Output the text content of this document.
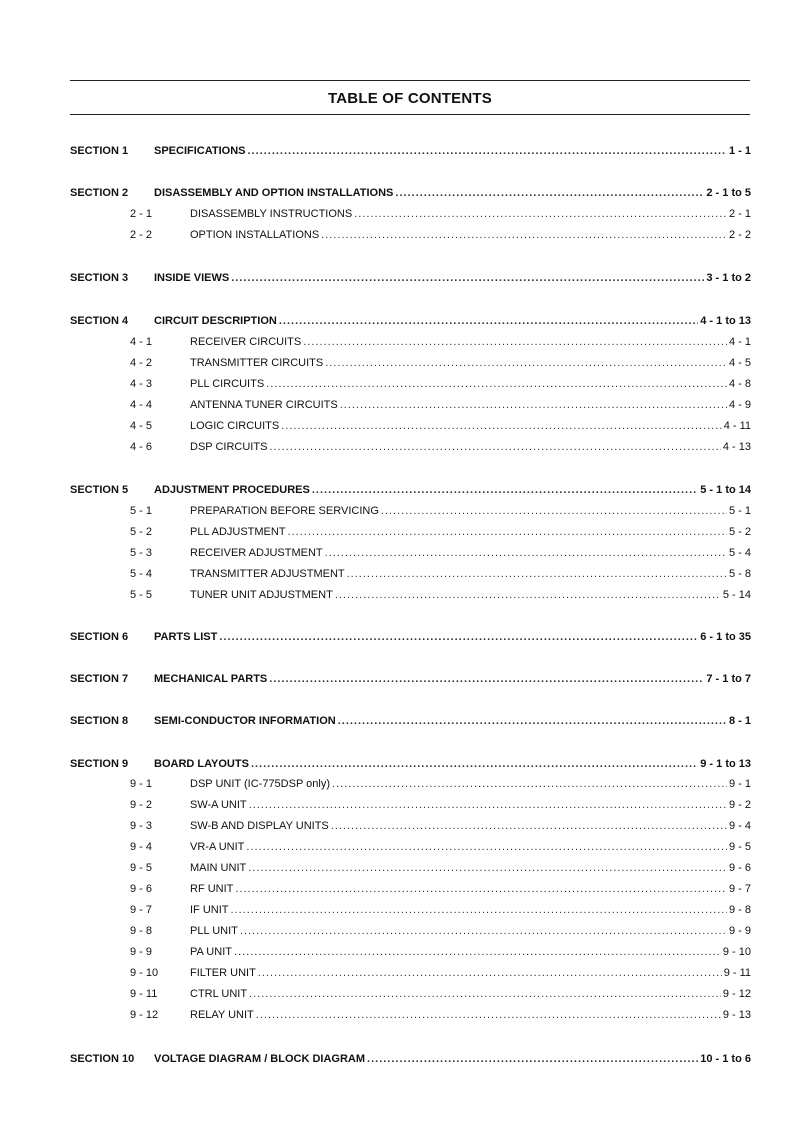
TABLE OF CONTENTS
SECTION 1	SPECIFICATIONS .....	1 - 1
SECTION 2	DISASSEMBLY AND OPTION INSTALLATIONS .....	2 - 1 to 5
2 - 1	DISASSEMBLY INSTRUCTIONS .....	2 - 1
2 - 2	OPTION INSTALLATIONS .....	2 - 2
SECTION 3	INSIDE VIEWS .....	3 - 1 to 2
SECTION 4	CIRCUIT DESCRIPTION .....	4 - 1 to 13
4 - 1	RECEIVER CIRCUITS .....	4 - 1
4 - 2	TRANSMITTER CIRCUITS .....	4 - 5
4 - 3	PLL CIRCUITS .....	4 - 8
4 - 4	ANTENNA TUNER CIRCUITS .....	4 - 9
4 - 5	LOGIC CIRCUITS .....	4 - 11
4 - 6	DSP CIRCUITS .....	4 - 13
SECTION 5	ADJUSTMENT PROCEDURES .....	5 - 1 to 14
5 - 1	PREPARATION BEFORE SERVICING .....	5 - 1
5 - 2	PLL ADJUSTMENT .....	5 - 2
5 - 3	RECEIVER ADJUSTMENT .....	5 - 4
5 - 4	TRANSMITTER ADJUSTMENT .....	5 - 8
5 - 5	TUNER UNIT ADJUSTMENT .....	5 - 14
SECTION 6	PARTS LIST .....	6 - 1 to 35
SECTION 7	MECHANICAL PARTS .....	7 - 1 to 7
SECTION 8	SEMI-CONDUCTOR INFORMATION .....	8 - 1
SECTION 9	BOARD LAYOUTS .....	9 - 1 to 13
9 - 1	DSP UNIT (IC-775DSP only) .....	9 - 1
9 - 2	SW-A UNIT .....	9 - 2
9 - 3	SW-B AND DISPLAY UNITS .....	9 - 4
9 - 4	VR-A UNIT .....	9 - 5
9 - 5	MAIN UNIT .....	9 - 6
9 - 6	RF UNIT .....	9 - 7
9 - 7	IF UNIT .....	9 - 8
9 - 8	PLL UNIT .....	9 - 9
9 - 9	PA UNIT .....	9 - 10
9 - 10	FILTER UNIT .....	9 - 11
9 - 11	CTRL UNIT .....	9 - 12
9 - 12	RELAY UNIT .....	9 - 13
SECTION 10	VOLTAGE DIAGRAM / BLOCK DIAGRAM .....	10 - 1 to 6
